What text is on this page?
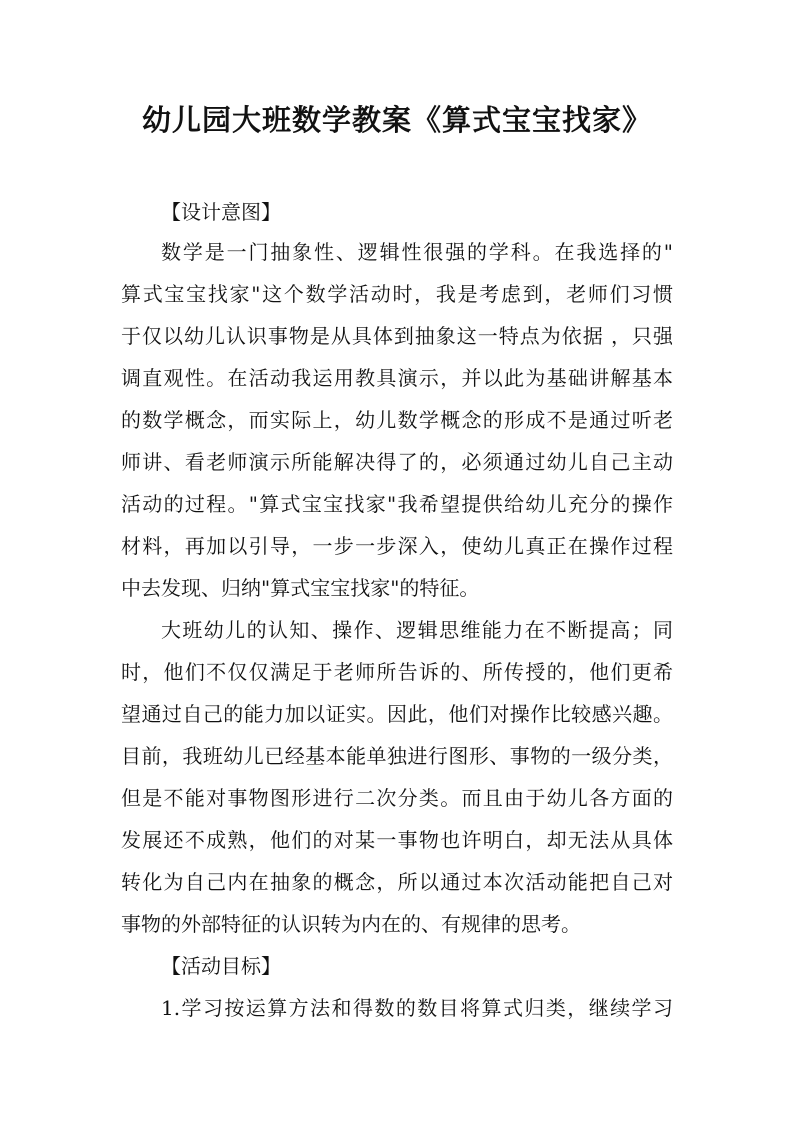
幼儿园大班数学教案《算式宝宝找家》
【设计意图】
数学是一门抽象性、逻辑性很强的学科。在我选择的"
算式宝宝找家"这个数学活动时，我是考虑到，老师们习惯
于仅以幼儿认识事物是从具体到抽象这一特点为依据 ，只强
调直观性。在活动我运用教具演示，并以此为基础讲解基本
的数学概念，而实际上，幼儿数学概念的形成不是通过听老
师讲、看老师演示所能解决得了的，必须通过幼儿自己主动
活动的过程。"算式宝宝找家"我希望提供给幼儿充分的操作
材料，再加以引导，一步一步深入，使幼儿真正在操作过程
中去发现、归纳"算式宝宝找家"的特征。
大班幼儿的认知、操作、逻辑思维能力在不断提高；同
时，他们不仅仅满足于老师所告诉的、所传授的，他们更希
望通过自己的能力加以证实。因此，他们对操作比较感兴趣。
目前，我班幼儿已经基本能单独进行图形、事物的一级分类，
但是不能对事物图形进行二次分类。而且由于幼儿各方面的
发展还不成熟，他们的对某一事物也许明白，却无法从具体
转化为自己内在抽象的概念，所以通过本次活动能把自己对
事物的外部特征的认识转为内在的、有规律的思考。
【活动目标】
1.学习按运算方法和得数的数目将算式归类，继续学习
